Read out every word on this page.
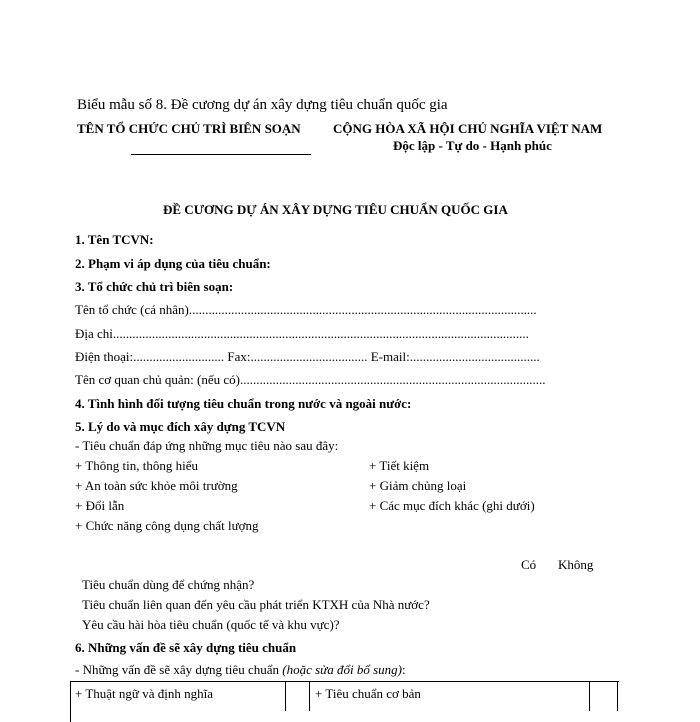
Biểu mẫu số 8. Đề cương dự án xây dựng tiêu chuẩn quốc gia
TÊN TỔ CHỨC CHỦ TRÌ BIÊN SOẠN CỘNG HÒA XÃ HỘI CHỦ NGHĨA VIỆT NAM
Độc lập - Tự do - Hạnh phúc
ĐỀ CƯƠNG DỰ ÁN XÂY DỰNG TIÊU CHUẨN QUỐC GIA
1. Tên TCVN:
2. Phạm vi áp dụng của tiêu chuẩn:
3. Tổ chức chủ trì biên soạn:
Tên tổ chức (cá nhân)...........................................................................................................
Địa chỉ................................................................................................................................
Điện thoại:............................ Fax:.................................... E-mail:........................................
Tên cơ quan chủ quản: (nếu có)..............................................................................................
4. Tình hình đối tượng tiêu chuẩn trong nước và ngoài nước:
5. Lý do và mục đích xây dựng TCVN
- Tiêu chuẩn đáp ứng những mục tiêu nào sau đây:
+ Thông tin, thông hiểu
+ An toàn sức khỏe môi trường
+ Đổi lẫn
+ Chức năng công dụng chất lượng
+ Tiết kiệm
+ Giảm chủng loại
+ Các mục đích khác (ghi dưới)
Có Không
Tiêu chuẩn dùng để chứng nhận?
Tiêu chuẩn liên quan đến yêu cầu phát triển KTXH của Nhà nước?
Yêu cầu hài hòa tiêu chuẩn (quốc tế và khu vực)?
6. Những vấn đề sẽ xây dựng tiêu chuẩn
- Những vấn đề sẽ xây dựng tiêu chuẩn (hoặc sửa đổi bổ sung):
+ Thuật ngữ và định nghĩa	+ Tiêu chuẩn cơ bản
